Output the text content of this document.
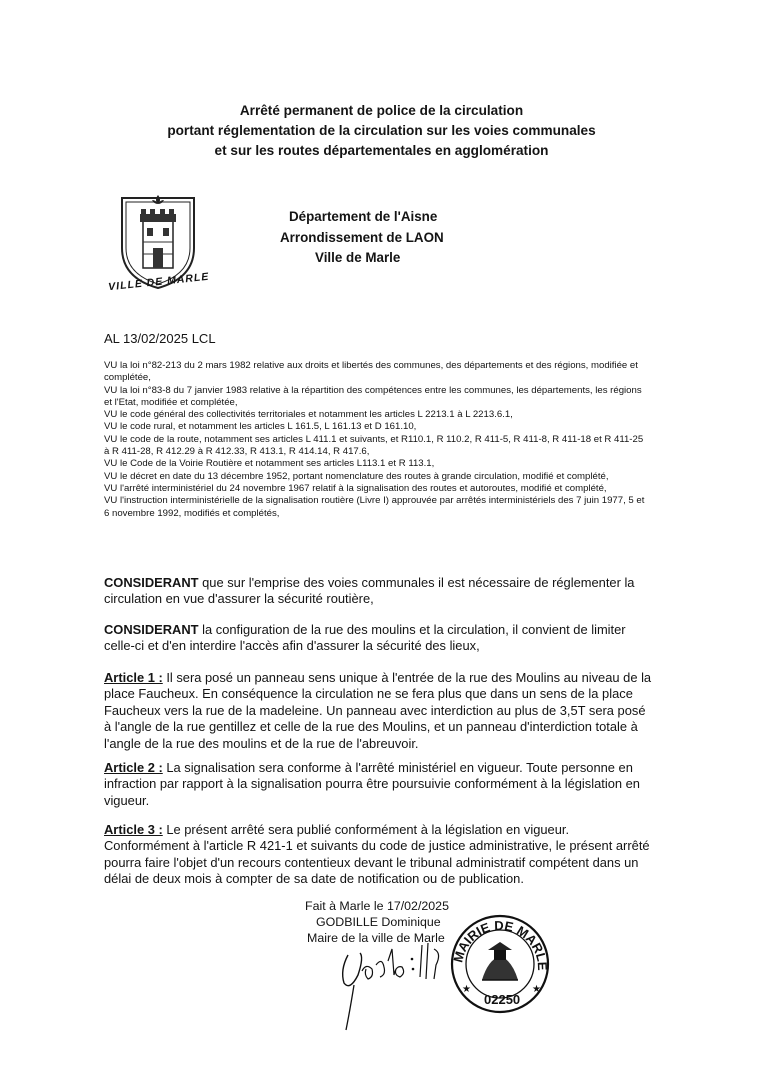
Arrêté permanent de police de la circulation
portant réglementation de la circulation sur les voies communales
et sur les routes départementales en agglomération
VILLE DE MARLE
Département de l'Aisne
Arrondissement de LAON
Ville de Marle
AL 13/02/2025 LCL
VU la loi n°82-213 du 2 mars 1982 relative aux droits et libertés des communes, des départements et des régions, modifiée et complétée,
VU la loi n°83-8 du 7 janvier 1983 relative à la répartition des compétences entre les communes, les départements, les régions et l'Etat, modifiée et complétée,
VU le code général des collectivités territoriales et notamment les articles L 2213.1 à L 2213.6.1,
VU le code rural, et notamment les articles L 161.5, L 161.13 et D 161.10,
VU le code de la route, notamment ses articles L 411.1 et suivants, et R110.1, R 110.2, R 411-5, R 411-8, R 411-18 et R 411-25 à R 411-28, R 412.29 à R 412.33, R 413.1, R 414.14, R 417.6,
VU le Code de la Voirie Routière et notamment ses articles L113.1 et R 113.1,
VU le décret en date du 13 décembre 1952, portant nomenclature des routes à grande circulation, modifié et complété,
VU l'arrêté interministériel du 24 novembre 1967 relatif à la signalisation des routes et autoroutes, modifié et complété,
VU l'instruction interministérielle de la signalisation routière (Livre I) approuvée par arrêtés interministériels des 7 juin 1977, 5 et 6 novembre 1992, modifiés et complétés,
CONSIDERANT que sur l'emprise des voies communales il est nécessaire de réglementer la circulation en vue d'assurer la sécurité routière,
CONSIDERANT la configuration de la rue des moulins et la circulation, il convient de limiter celle-ci et d'en interdire l'accès afin d'assurer la sécurité des lieux,
Article 1 : Il sera posé un panneau sens unique à l'entrée de la rue des Moulins au niveau de la place Faucheux. En conséquence la circulation ne se fera plus que dans un sens de la place Faucheux vers la rue de la madeleine. Un panneau avec interdiction au plus de 3,5T sera posé à l'angle de la rue gentillez et celle de la rue des Moulins, et un panneau d'interdiction totale à l'angle de la rue des moulins et de la rue de l'abreuvoir.
Article 2 : La signalisation sera conforme à l'arrêté ministériel en vigueur. Toute personne en infraction par rapport à la signalisation pourra être poursuivie conformément à la législation en vigueur.
Article 3 : Le présent arrêté sera publié conformément à la législation en vigueur. Conformément à l'article R 421-1 et suivants du code de justice administrative, le présent arrêté pourra faire l'objet d'un recours contentieux devant le tribunal administratif compétent dans un délai de deux mois à compter de sa date de notification ou de publication.
Fait à Marle le 17/02/2025
GODBILLE Dominique
Maire de la ville de Marle
MAIRIE DE MARLE
02250
★	★
